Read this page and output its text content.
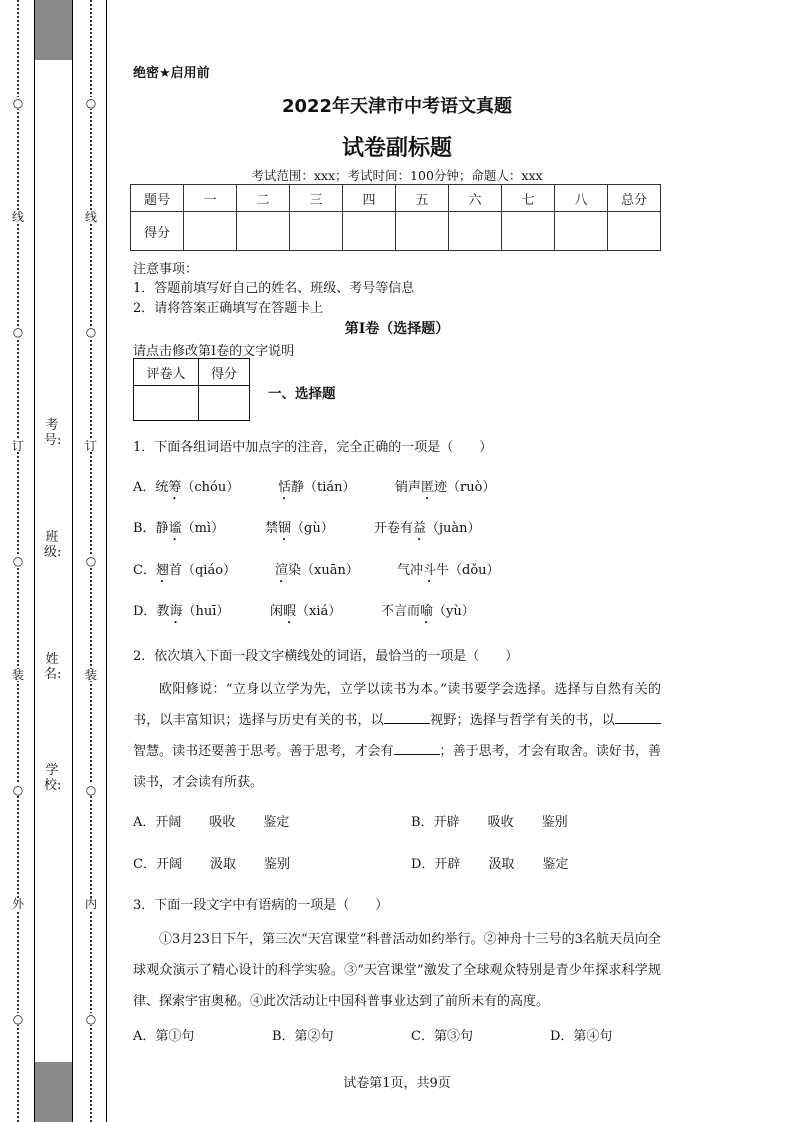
○
线
○
订
○
装
○
外
○
○
线
○
订
○
装
○
内
○
考号:
班级:
姓名:
学校:
绝密★启用前
2022年天津市中考语文真题
试卷副标题
考试范围：xxx；考试时间：100分钟；命题人：xxx
题号	一	二	三	四	五	六	七	八	总分
得分									
注意事项：
1．答题前填写好自己的姓名、班级、考号等信息
2．请将答案正确填写在答题卡上
第I卷（选择题）
请点击修改第I卷的文字说明
评卷人	得分

一、选择题
1．下面各组词语中加点字的注音，完全正确的一项是（　　）
A．统筹（chóu）	恬静（tián）	销声匿迹（ruò）
B．静谧（mì）	禁锢（gù）	开卷有益（juàn）
C．翘首（qiáo）	渲染（xuān）	气冲斗牛（dǒu）
D．教诲（huī）	闲暇（xiá）	不言而喻（yù）
2．依次填入下面一段文字横线处的词语，最恰当的一项是（　　）
欧阳修说：“立身以立学为先，立学以读书为本。”读书要学会选择。选择与自然有关的书，以丰富知识；选择与历史有关的书，以	视野；选择与哲学有关的书，以智慧。读书还要善于思考。善于思考，才会有	；善于思考，才会有取舍。读好书，善读书，才会读有所获。
A．开阔 吸收 鉴定	B．开辟 吸收 鉴别
C．开阔 汲取 鉴别	D．开辟 汲取 鉴定
3．下面一段文字中有语病的一项是（　　）
①3月23日下午，第三次“天宫课堂”科普活动如约举行。②神舟十三号的3名航天员向全球观众演示了精心设计的科学实验。③“天宫课堂”激发了全球观众特别是青少年探求科学规律、探索宇宙奥秘。④此次活动让中国科普事业达到了前所未有的高度。
A．第①句	B．第②句	C．第③句	D．第④句
试卷第1页，共9页
